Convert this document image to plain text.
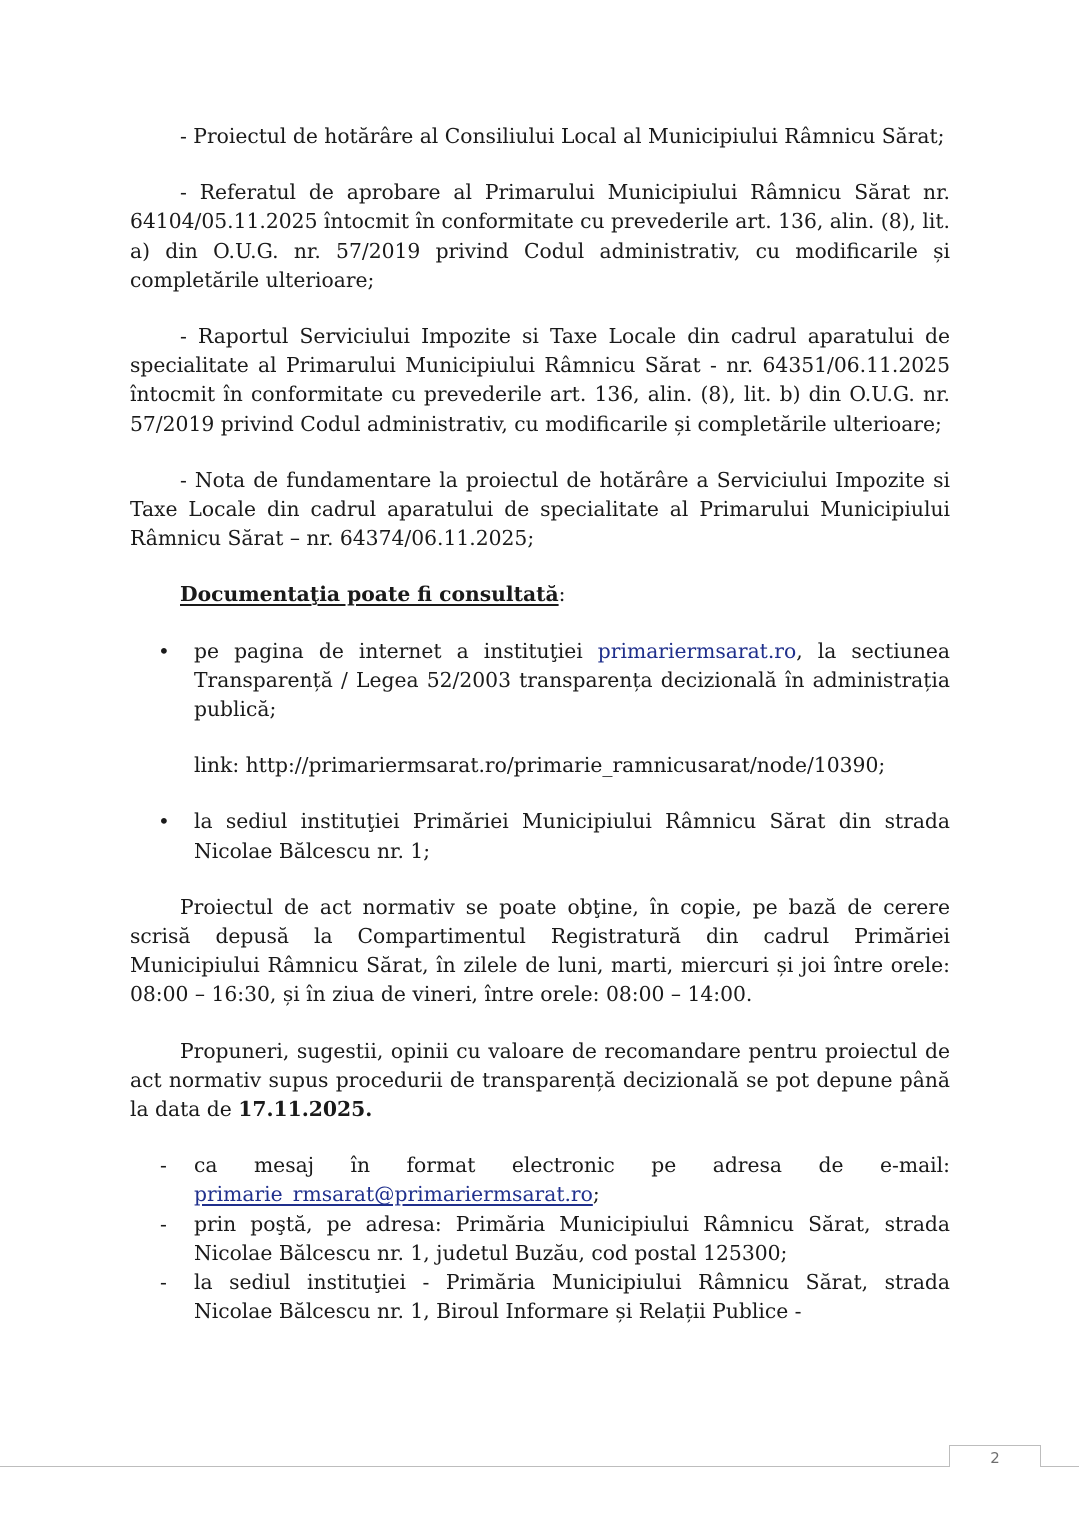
- Proiectul de hotărâre al Consiliului Local al Municipiului Râmnicu Sărat;

- Referatul de aprobare al Primarului Municipiului Râmnicu Sărat nr. 64104/05.11.2025 întocmit în conformitate cu prevederile art. 136, alin. (8), lit. a) din O.U.G. nr. 57/2019 privind Codul administrativ, cu modificarile și completările ulterioare;

- Raportul Serviciului Impozite si Taxe Locale din cadrul aparatului de specialitate al Primarului Municipiului Râmnicu Sărat - nr. 64351/06.11.2025 întocmit în conformitate cu prevederile art. 136, alin. (8), lit. b) din O.U.G. nr. 57/2019 privind Codul administrativ, cu modificarile și completările ulterioare;

- Nota de fundamentare la proiectul de hotărâre a Serviciului Impozite si Taxe Locale din cadrul aparatului de specialitate al Primarului Municipiului Râmnicu Sărat – nr. 64374/06.11.2025;

Documentaţia poate fi consultată:

• pe pagina de internet a instituţiei primariermsarat.ro, la sectiunea Transparență / Legea 52/2003 transparența decizională în administrația publică;

link: http://primariermsarat.ro/primarie_ramnicusarat/node/10390;

• la sediul instituţiei Primăriei Municipiului Râmnicu Sărat din strada Nicolae Bălcescu nr. 1;

Proiectul de act normativ se poate obţine, în copie, pe bază de cerere scrisă depusă la Compartimentul Registratură din cadrul Primăriei Municipiului Râmnicu Sărat, în zilele de luni, marti, miercuri și joi între orele: 08:00 – 16:30, și în ziua de vineri, între orele: 08:00 – 14:00.

Propuneri, sugestii, opinii cu valoare de recomandare pentru proiectul de act normativ supus procedurii de transparență decizională se pot depune până la data de 17.11.2025.

- ca mesaj în format electronic pe adresa de e-mail: primarie_rmsarat@primariermsarat.ro;
- prin poştă, pe adresa: Primăria Municipiului Râmnicu Sărat, strada Nicolae Bălcescu nr. 1, judetul Buzău, cod postal 125300;
- la sediul instituţiei - Primăria Municipiului Râmnicu Sărat, strada Nicolae Bălcescu nr. 1, Biroul Informare și Relații Publice -
2
